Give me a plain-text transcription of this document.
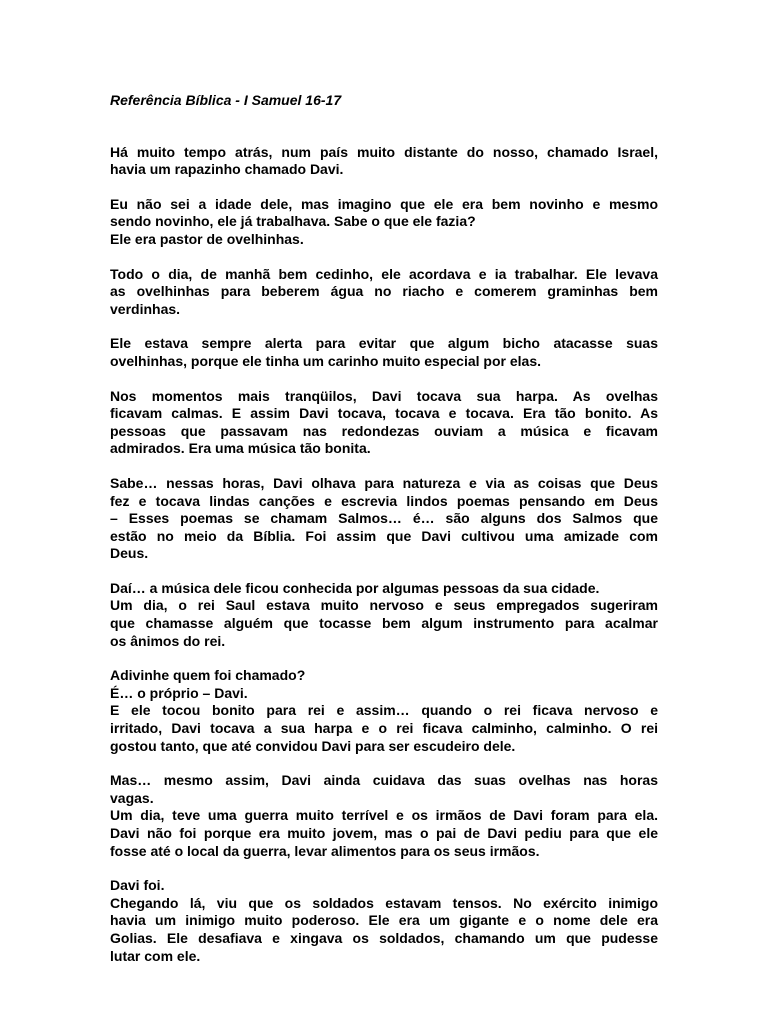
Referência Bíblica - I Samuel 16-17
Há muito tempo atrás, num país muito distante do nosso, chamado Israel,
havia um rapazinho chamado Davi.
Eu não sei a idade dele, mas imagino que ele era bem novinho e mesmo
sendo novinho, ele já trabalhava. Sabe o que ele fazia?
Ele era pastor de ovelhinhas.
Todo o dia, de manhã bem cedinho, ele acordava e ia trabalhar. Ele levava
as ovelhinhas para beberem água no riacho e comerem graminhas bem
verdinhas.
Ele estava sempre alerta para evitar que algum bicho atacasse suas
ovelhinhas, porque ele tinha um carinho muito especial por elas.
Nos momentos mais tranqüilos, Davi tocava sua harpa. As ovelhas
ficavam calmas. E assim Davi tocava, tocava e tocava. Era tão bonito. As
pessoas que passavam nas redondezas ouviam a música e ficavam
admirados. Era uma música tão bonita.
Sabe… nessas horas, Davi olhava para natureza e via as coisas que Deus
fez e tocava lindas canções e escrevia lindos poemas pensando em Deus
– Esses poemas se chamam Salmos… é… são alguns dos Salmos que
estão no meio da Bíblia. Foi assim que Davi cultivou uma amizade com
Deus.
Daí… a música dele ficou conhecida por algumas pessoas da sua cidade.
Um dia, o rei Saul estava muito nervoso e seus empregados sugeriram
que chamasse alguém que tocasse bem algum instrumento para acalmar
os ânimos do rei.
Adivinhe quem foi chamado?
É… o próprio – Davi.
E ele tocou bonito para rei e assim… quando o rei ficava nervoso e
irritado, Davi tocava a sua harpa e o rei ficava calminho, calminho. O rei
gostou tanto, que até convidou Davi para ser escudeiro dele.
Mas… mesmo assim, Davi ainda cuidava das suas ovelhas nas horas
vagas.
Um dia, teve uma guerra muito terrível e os irmãos de Davi foram para ela.
Davi não foi porque era muito jovem, mas o pai de Davi pediu para que ele
fosse até o local da guerra, levar alimentos para os seus irmãos.
Davi foi.
Chegando lá, viu que os soldados estavam tensos. No exército inimigo
havia um inimigo muito poderoso. Ele era um gigante e o nome dele era
Golias. Ele desafiava e xingava os soldados, chamando um que pudesse
lutar com ele.
